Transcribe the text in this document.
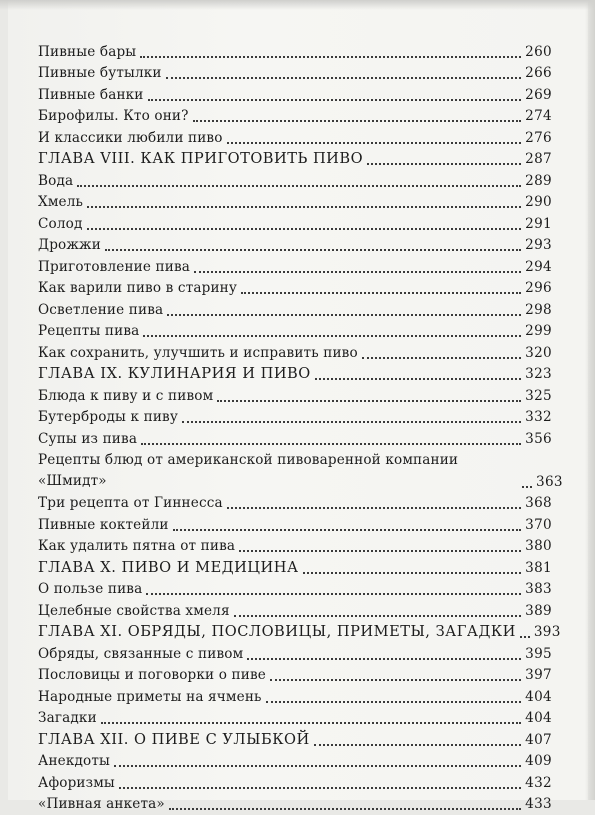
Пивные бары	260
Пивные бутылки	266
Пивные банки	269
Бирофилы. Кто они?	274
И классики любили пиво	276
ГЛАВА VIII. КАК ПРИГОТОВИТЬ ПИВО	287
Вода	289
Хмель	290
Солод	291
Дрожжи	293
Приготовление пива	294
Как варили пиво в старину	296
Осветление пива	298
Рецепты пива	299
Как сохранить, улучшить и исправить пиво	320
ГЛАВА IX. КУЛИНАРИЯ И ПИВО	323
Блюда к пиву и с пивом	325
Бутерброды к пиву	332
Супы из пива	356
Рецепты блюд от американской пивоваренной компании «Шмидт»	363
Три рецепта от Гиннесса	368
Пивные коктейли	370
Как удалить пятна от пива	380
ГЛАВА X. ПИВО И МЕДИЦИНА	381
О пользе пива	383
Целебные свойства хмеля	389
ГЛАВА XI. ОБРЯДЫ, ПОСЛОВИЦЫ, ПРИМЕТЫ, ЗАГАДКИ 393
Обряды, связанные с пивом	395
Пословицы и поговорки о пиве	397
Народные приметы на ячмень	404
Загадки	404
ГЛАВА XII. О ПИВЕ С УЛЫБКОЙ	407
Анекдоты	409
Афоризмы	432
«Пивная анкета»	433
